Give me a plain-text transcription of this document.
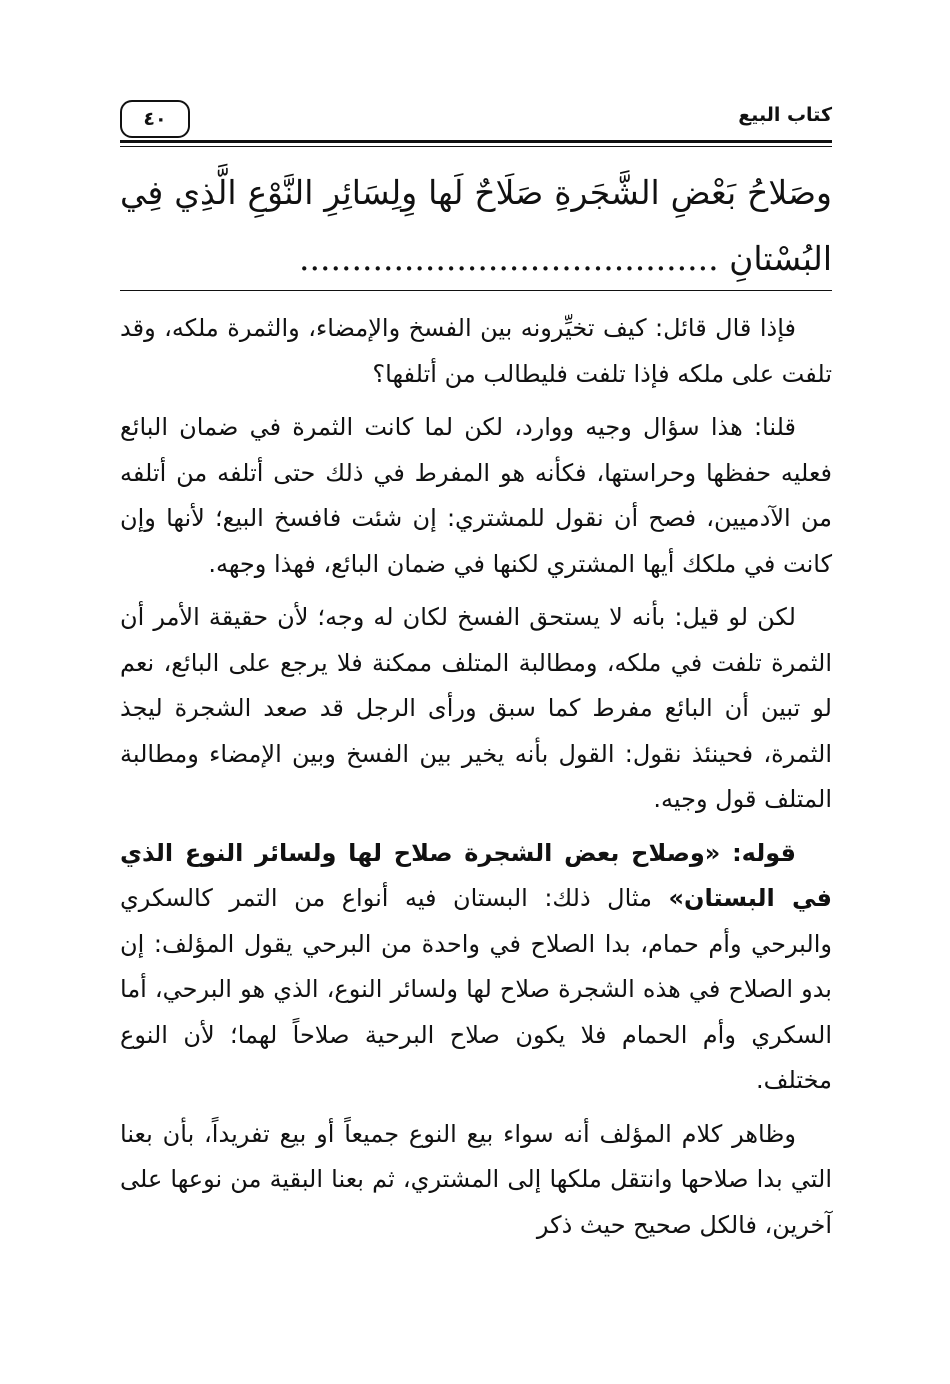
٤٠	كتاب البيع
وصَلاحُ بَعْضِ الشَّجَرةِ صَلَاحٌ لَها وِلِسَائِرِ النَّوْعِ الَّذِي فِي البُسْتانِ ........................................

فإذا قال قائل: كيف تخيِّرونه بين الفسخ والإمضاء، والثمرة ملكه، وقد تلفت على ملكه فإذا تلفت فليطالب من أتلفها؟

قلنا: هذا سؤال وجيه ووارد، لكن لما كانت الثمرة في ضمان البائع فعليه حفظها وحراستها، فكأنه هو المفرط في ذلك حتى أتلفه من أتلفه من الآدميين، فصح أن نقول للمشتري: إن شئت فافسخ البيع؛ لأنها وإن كانت في ملكك أيها المشتري لكنها في ضمان البائع، فهذا وجهه.

لكن لو قيل: بأنه لا يستحق الفسخ لكان له وجه؛ لأن حقيقة الأمر أن الثمرة تلفت في ملكه، ومطالبة المتلف ممكنة فلا يرجع على البائع، نعم لو تبين أن البائع مفرط كما سبق ورأى الرجل قد صعد الشجرة ليجذ الثمرة، فحينئذ نقول: القول بأنه يخير بين الفسخ وبين الإمضاء ومطالبة المتلف قول وجيه.

قوله: «وصلاح بعض الشجرة صلاح لها ولسائر النوع الذي في البستان» مثال ذلك: البستان فيه أنواع من التمر كالسكري والبرحي وأم حمام، بدا الصلاح في واحدة من البرحي يقول المؤلف: إن بدو الصلاح في هذه الشجرة صلاح لها ولسائر النوع، الذي هو البرحي، أما السكري وأم الحمام فلا يكون صلاح البرحية صلاحاً لهما؛ لأن النوع مختلف.

وظاهر كلام المؤلف أنه سواء بيع النوع جميعاً أو بيع تفريداً، بأن بعنا التي بدا صلاحها وانتقل ملكها إلى المشتري، ثم بعنا البقية من نوعها على آخرين، فالكل صحيح حيث ذكر
